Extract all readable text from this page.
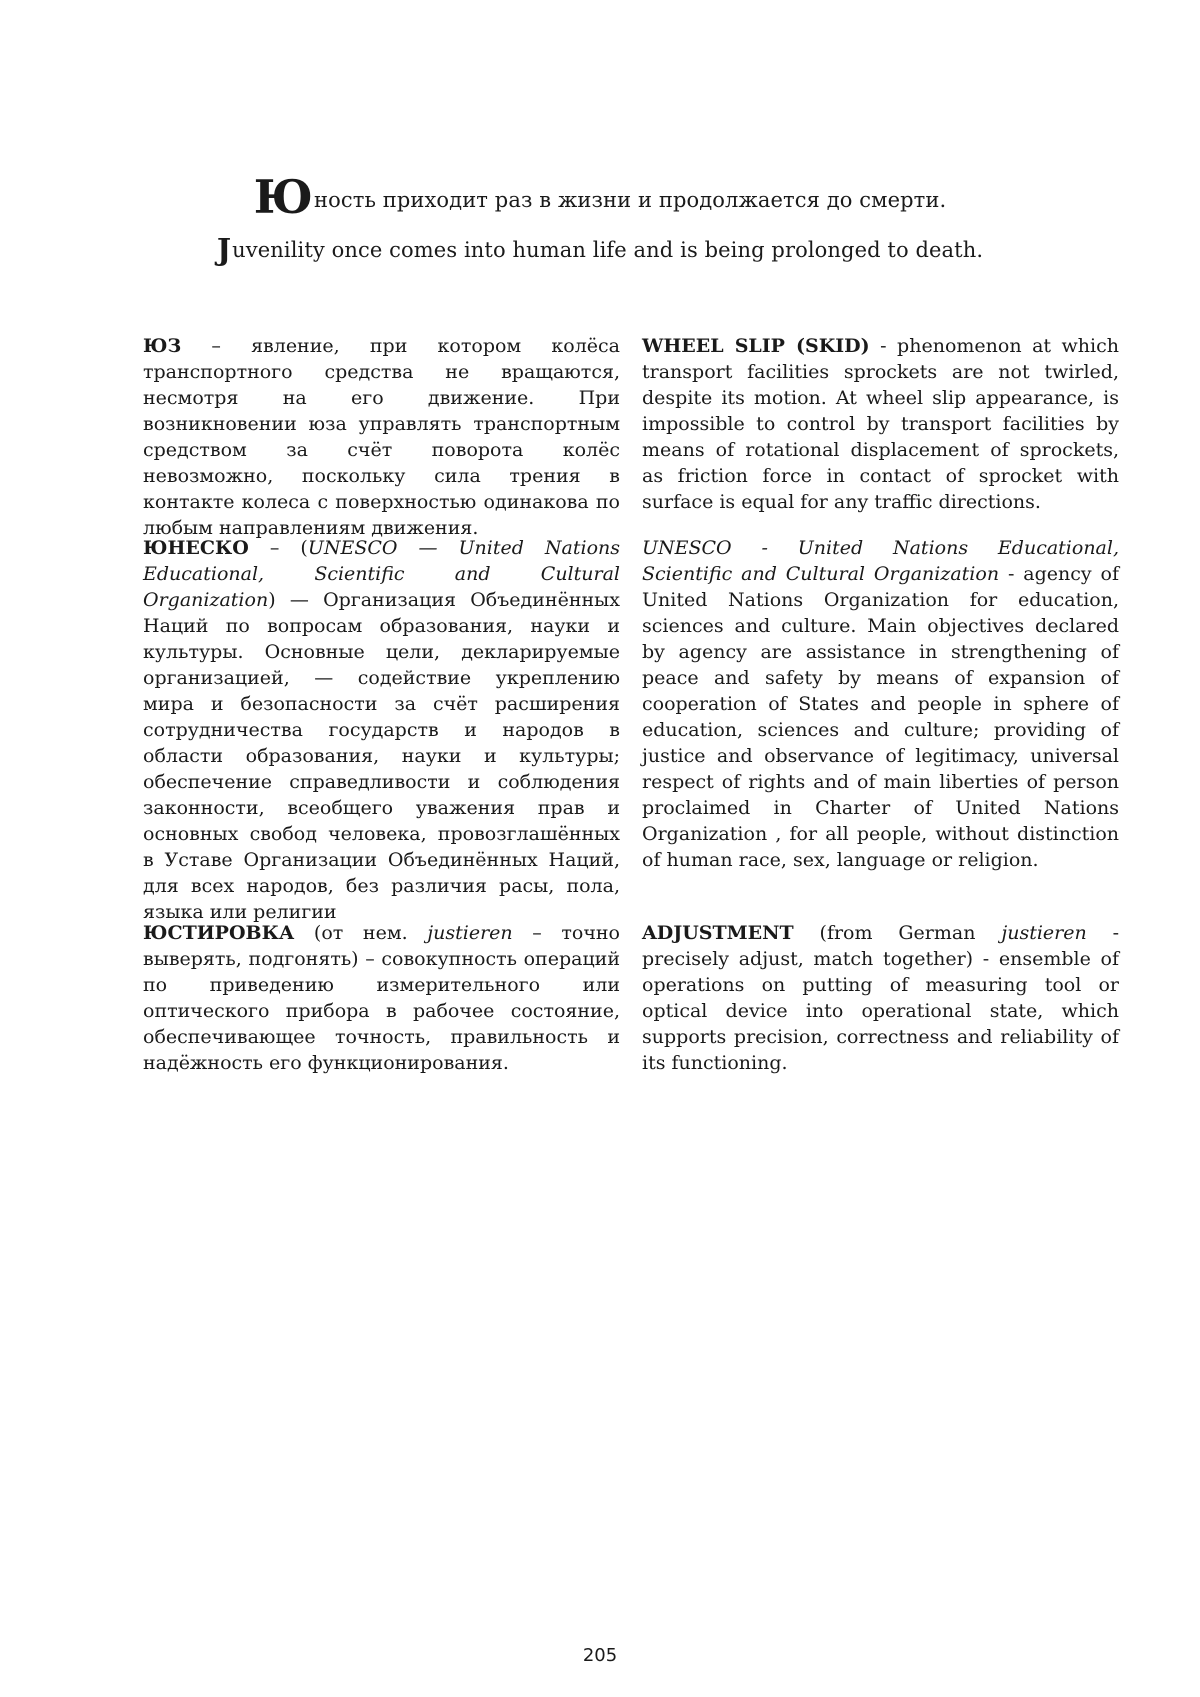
Юность приходит раз в жизни и продолжается до смерти.
Juvenility once comes into human life and is being prolonged to death.

ЮЗ – явление, при котором колёса транспортного средства не вращаются, несмотря на его движение. При возникновении юза управлять транспортным средством за счёт поворота колёс невозможно, поскольку сила трения в контакте колеса с поверхностью одинакова по любым направлениям движения.

ЮНЕСКО – (UNESCO — United Nations Educational, Scientific and Cultural Organization) — Организация Объединённых Наций по вопросам образования, науки и культуры. Основные цели, декларируемые организацией, — содействие укреплению мира и безопасности за счёт расширения сотрудничества государств и народов в области образования, науки и культуры; обеспечение справедливости и соблюдения законности, всеобщего уважения прав и основных свобод человека, провозглашённых в Уставе Организации Объединённых Наций, для всех народов, без различия расы, пола, языка или религии

ЮСТИРОВКА (от нем. justieren – точно выверять, подгонять) – совокупность операций по приведению измерительного или оптического прибора в рабочее состояние, обеспечивающее точность, правильность и надёжность его функционирования.

WHEEL SLIP (SKID) - phenomenon at which transport facilities sprockets are not twirled, despite its motion. At wheel slip appearance, is impossible to control by transport facilities by means of rotational displacement of sprockets, as friction force in contact of sprocket with surface is equal for any traffic directions.

UNESCO - United Nations Educational, Scientific and Cultural Organization - agency of United Nations Organization for education, sciences and culture. Main objectives declared by agency are assistance in strengthening of peace and safety by means of expansion of cooperation of States and people in sphere of education, sciences and culture; providing of justice and observance of legitimacy, universal respect of rights and of main liberties of person proclaimed in Charter of United Nations Organization , for all people, without distinction of human race, sex, language or religion.

ADJUSTMENT (from German justieren - precisely adjust, match together) - ensemble of operations on putting of measuring tool or optical device into operational state, which supports precision, correctness and reliability of its functioning.

205
